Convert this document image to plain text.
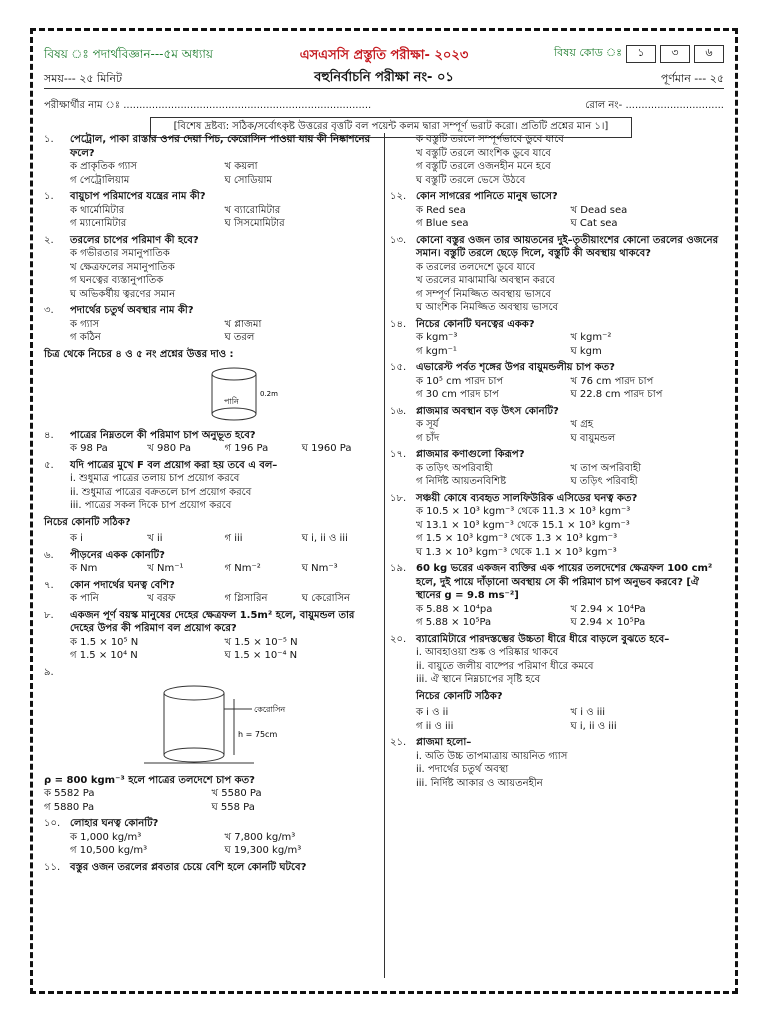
বিষয় ঃ পদার্থবিজ্ঞান---৫ম অধ্যায়	এসএসসি প্রস্তুতি পরীক্ষা- ২০২৩	বিষয় কোড ঃ	১	৩	৬
সময়--- ২৫ মিনিট	পূর্ণমান --- ২৫
বহুনির্বাচনি পরীক্ষা নং- ০১
পরীক্ষার্থীর নাম ঃ ..............................................................................	রোল নং- ...............................
[বিশেষ দ্রষ্টব্য: সঠিক/সর্বোৎকৃষ্ট উত্তরের বৃত্তটি বল পয়েন্ট কলম দ্বারা সম্পূর্ণ ভরাট করো। প্রতিটি প্রশ্নের মান ১।]
১.	পেট্রোল, পাকা রাস্তার ওপর দেয়া পিচ, কেরোসিন পাওয়া যায় কী নিষ্কাশনের ফলে?
ক প্রাকৃতিক গ্যাস	খ কয়লা
গ পেট্রোলিয়াম	ঘ সোডিয়াম
১.	বায়ুচাপ পরিমাপের যন্ত্রের নাম কী?
ক থার্মোমিটার	খ ব্যারোমিটার
গ ম্যানোমিটার	ঘ সিসমোমিটার
২.	তরলের চাপের পরিমাণ কী হবে?
ক গভীরতার সমানুপাতিক
খ ক্ষেত্রফলের সমানুপাতিক
গ ঘনত্বের ব্যস্তানুপাতিক
ঘ অভিকর্ষীয় ত্বরণের সমান
৩.	পদার্থের চতুর্থ অবস্থার নাম কী?
ক গ্যাস	খ প্লাজমা
গ কঠিন	ঘ তরল
চিত্র থেকে নিচের ৪ ও ৫ নং প্রশ্নের উত্তর দাও :
পানি
0.2m
৪.	পাত্রের নিম্নতলে কী পরিমাণ চাপ অনুভূত হবে?
ক 98 Pa	খ 980 Pa	গ 196 Pa	ঘ 1960 Pa
৫.	যদি পাত্রের মুখে F বল প্রয়োগ করা হয় তবে এ বল–
i. শুধুমাত্র পাত্রের তলায় চাপ প্রয়োগ করবে
ii. শুধুমাত্র পাত্রের বক্রতলে চাপ প্রয়োগ করবে
iii. পাত্রের সকল দিকে চাপ প্রয়োগ করবে
নিচের কোনটি সঠিক?
ক i	খ ii	গ iii	ঘ i, ii ও iii
৬.	পীড়নের একক কোনটি?
ক Nm	খ Nm⁻¹	গ Nm⁻²	ঘ Nm⁻³
৭.	কোন পদার্থের ঘনত্ব বেশি?
ক পানি	খ বরফ	গ গ্লিসারিন	ঘ কেরোসিন
৮.	একজন পূর্ণ বয়স্ক মানুষের দেহের ক্ষেত্রফল 1.5m² হলে, বায়ুমন্ডল তার দেহের উপর কী পরিমাণ বল প্রয়োগ করে?
ক 1.5 × 10⁵ N	খ 1.5 × 10⁻⁵ N
গ 1.5 × 10⁴ N	ঘ 1.5 × 10⁻⁴ N
৯.
কেরোসিন
h = 75cm
ρ = 800 kgm⁻³ হলে পাত্রের তলদেশে চাপ কত?
ক 5582 Pa	খ 5580 Pa
গ 5880 Pa	ঘ 558 Pa
১০. লোহার ঘনত্ব কোনটি?
ক 1,000 kg/m³	খ 7,800 kg/m³
গ 10,500 kg/m³	ঘ 19,300 kg/m³
১১. বস্তুর ওজন তরলের প্লবতার চেয়ে বেশি হলে কোনটি ঘটবে?
ক বস্তুটি তরলে সম্পূর্ণভাবে ডুবে যাবে
খ বস্তুটি তরলে আংশিক ডুবে যাবে
গ বস্তুটি তরলে ওজনহীন মনে হবে
ঘ বস্তুটি তরলে ভেসে উঠবে
১২. কোন সাগরের পানিতে মানুষ ভাসে?
ক Red sea	খ Dead sea
গ Blue sea	ঘ Cat sea
১৩. কোনো বস্তুর ওজন তার আয়তনের দুই–তৃতীয়াংশের কোনো তরলের ওজনের সমান। বস্তুটি তরলে ছেড়ে দিলে, বস্তুটি কী অবস্থায় থাকবে?
ক তরলের তলদেশে ডুবে যাবে
খ তরলের মাঝামাঝি অবস্থান করবে
গ সম্পূর্ণ নিমজ্জিত অবস্থায় ভাসবে
ঘ আংশিক নিমজ্জিত অবস্থায় ভাসবে
১৪. নিচের কোনটি ঘনত্বের একক?
ক kgm⁻³	খ kgm⁻²
গ kgm⁻¹	ঘ kgm
১৫. এভারেস্ট পর্বত শৃঙ্গের উপর বায়ুমন্ডলীয় চাপ কত?
ক 10⁵ cm পারদ চাপ	খ 76 cm পারদ চাপ
গ 30 cm পারদ চাপ	ঘ 22.8 cm পারদ চাপ
১৬. প্লাজমার অবস্থান বড় উৎস কোনটি?
ক সূর্য	খ গ্রহ
গ চাঁদ	ঘ বায়ুমন্ডল
১৭. প্লাজমার কণাগুলো কিরূপ?
ক তড়িৎ অপরিবাহী	খ তাপ অপরিবাহী
গ নির্দিষ্ট আয়তনবিশিষ্ট	ঘ তড়িৎ পরিবাহী
১৮. সঞ্চয়ী কোষে ব্যবহৃত সালফিউরিক এসিডের ঘনত্ব কত?
ক 10.5 × 10³ kgm⁻³ থেকে 11.3 × 10³ kgm⁻³
খ 13.1 × 10³ kgm⁻³ থেকে 15.1 × 10³ kgm⁻³
গ 1.5 × 10³ kgm⁻³ থেকে 1.3 × 10³ kgm⁻³
ঘ 1.3 × 10³ kgm⁻³ থেকে 1.1 × 10³ kgm⁻³
১৯. 60 kg ভরের একজন ব্যক্তির এক পায়ের তলদেশের ক্ষেত্রফল 100 cm² হলে, দুই পায়ে দাঁড়ানো অবস্থায় সে কী পরিমাণ চাপ অনুভব করবে? [ঐ স্থানের g = 9.8 ms⁻²]
ক 5.88 × 10⁴pa	খ 2.94 × 10⁴Pa
গ 5.88 × 10⁵Pa	ঘ 2.94 × 10⁵Pa
২০. ব্যারোমিটারে পারদস্তম্ভের উচ্চতা ধীরে ধীরে বাড়লে বুঝতে হবে–
i. আবহাওয়া শুষ্ক ও পরিষ্কার থাকবে
ii. বায়ুতে জলীয় বাষ্পের পরিমাণ ধীরে কমবে
iii. ঐ স্থানে নিম্নচাপের সৃষ্টি হবে
নিচের কোনটি সঠিক?
ক i ও ii	খ i ও iii
গ ii ও iii	ঘ i, ii ও iii
২১. প্লাজমা হলো–
i. অতি উচ্চ তাপমাত্রায় আয়নিত গ্যাস
ii. পদার্থের চতুর্থ অবস্থা
iii. নির্দিষ্ট আকার ও আয়তনহীন
